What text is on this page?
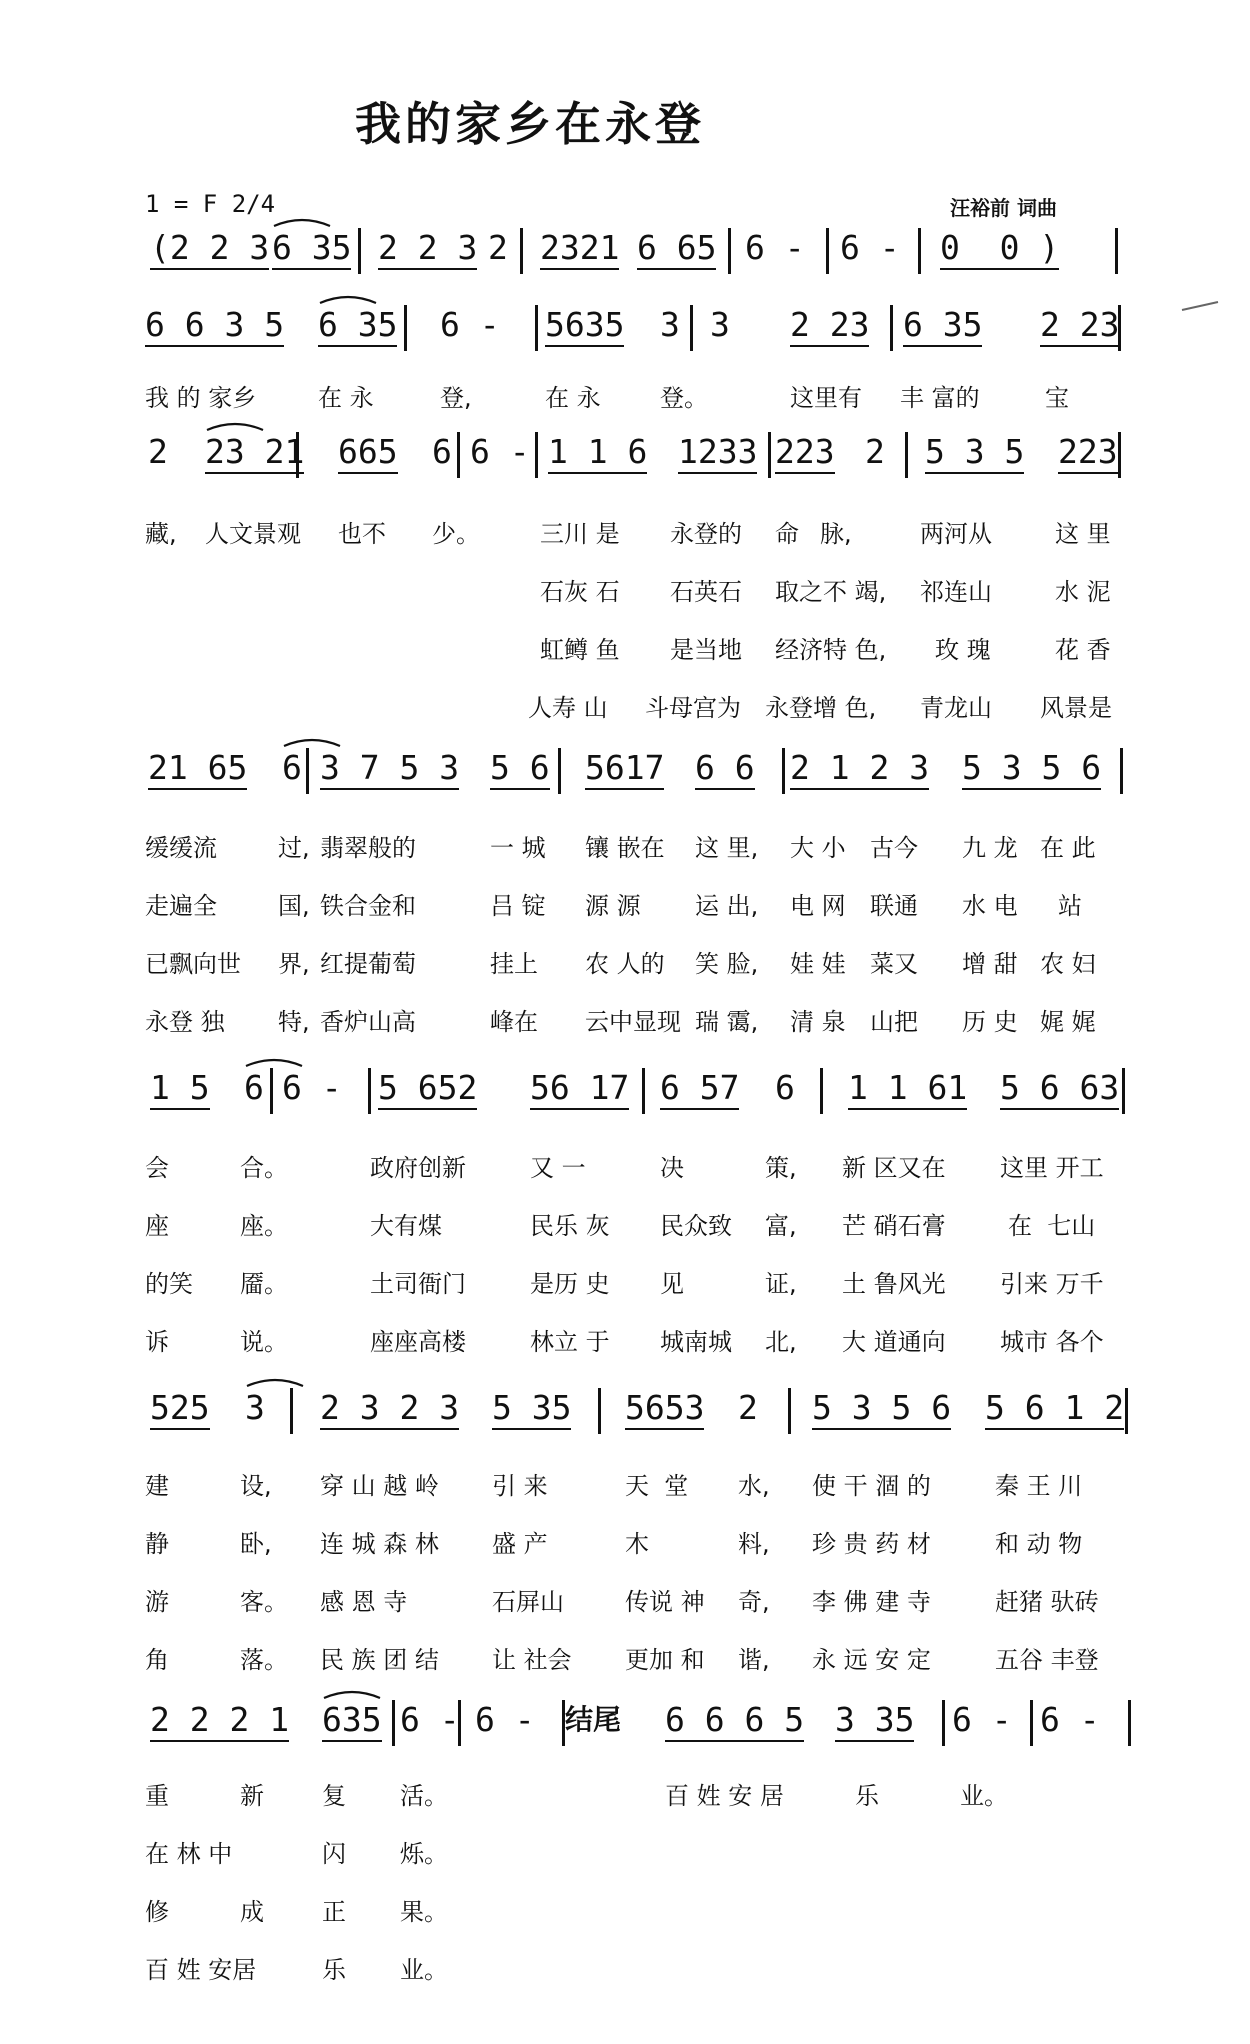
我的家乡在永登
1 = F 2/4	汪裕前 词曲
(2 2 3 6 35 2 2 3 2 2321 6 65 6 - 6 - 0  0 )
6 6 3 5 6 35 6 - 5635 3 3 2 23 6 35 2 23
我 的 家乡	在 永	登,	在 永 登。	这里有 丰 富的	宝
2 23 21 665 6 6 - 1 1 6 1233 223 2 5 3 5 223
藏, 人文景观 也不 少。	三川 是 永登的 命 脉,	两河从	这 里
石灰 石 石英石 取之不 竭, 祁连山	水 泥
虹鳟 鱼 是当地 经济特 色, 玫 瑰	花 香
人寿 山 斗母宫为 永登增 色, 青龙山 风景是
21 65 6 3 7 5 3 5 6 5617 6 6 2 1 2 3 5 3 5 6
缓缓流	过, 翡翠般的	一 城 镶 嵌在 这 里, 大 小 古今 九 龙 在 此
走遍全	国, 铁合金和	吕 锭 源 源 运 出, 电 网 联通 水 电 站
已飘向世 界, 红提葡萄	挂上 农 人的 笑 脸, 娃 娃 菜又 增 甜 农 妇
永登 独 特, 香炉山高	峰在 云中显现 瑞 霭, 清 泉 山把 历 史 娓 娓
1 5 6 6 - 5 652 56 17 6 57 6 1 1 61 5 6 63
会	合。	政府创新	又 一	决	策, 新 区又在 这里 开工
座	座。	大有煤	民乐 灰 民众致 富, 芒 硝石膏	在  七山
的笑 靥。	土司衙门	是历 史 见	证, 土 鲁风光 引来 万千
诉	说。	座座高楼	林立 于 城南城 北, 大 道通向 城市 各个
525 3 2 3 2 3 5 35 5653 2 5 3 5 6 5 6 1 2
建	设, 穿 山 越 岭 引 来	天  堂 水, 使 干 涸 的	秦 王 川
静	卧, 连 城 森 林 盛 产	木	料, 珍 贵 药 材	和 动 物
游	客。 感 恩 寺	石屏山	传说 神 奇, 李 佛 建 寺	赶猪 驮砖
角	落。 民 族 团 结 让 社会 更加 和 谐, 永 远 安 定	五谷 丰登
2 2 2 1 635 6 - 6 -	6 6 6 5 3 35 6 - 6 -
结尾
重	新 复 活。	百 姓 安 居	乐	业。
在 林 中	闪 烁。
修	成 正 果。
百 姓 安居	乐 业。
